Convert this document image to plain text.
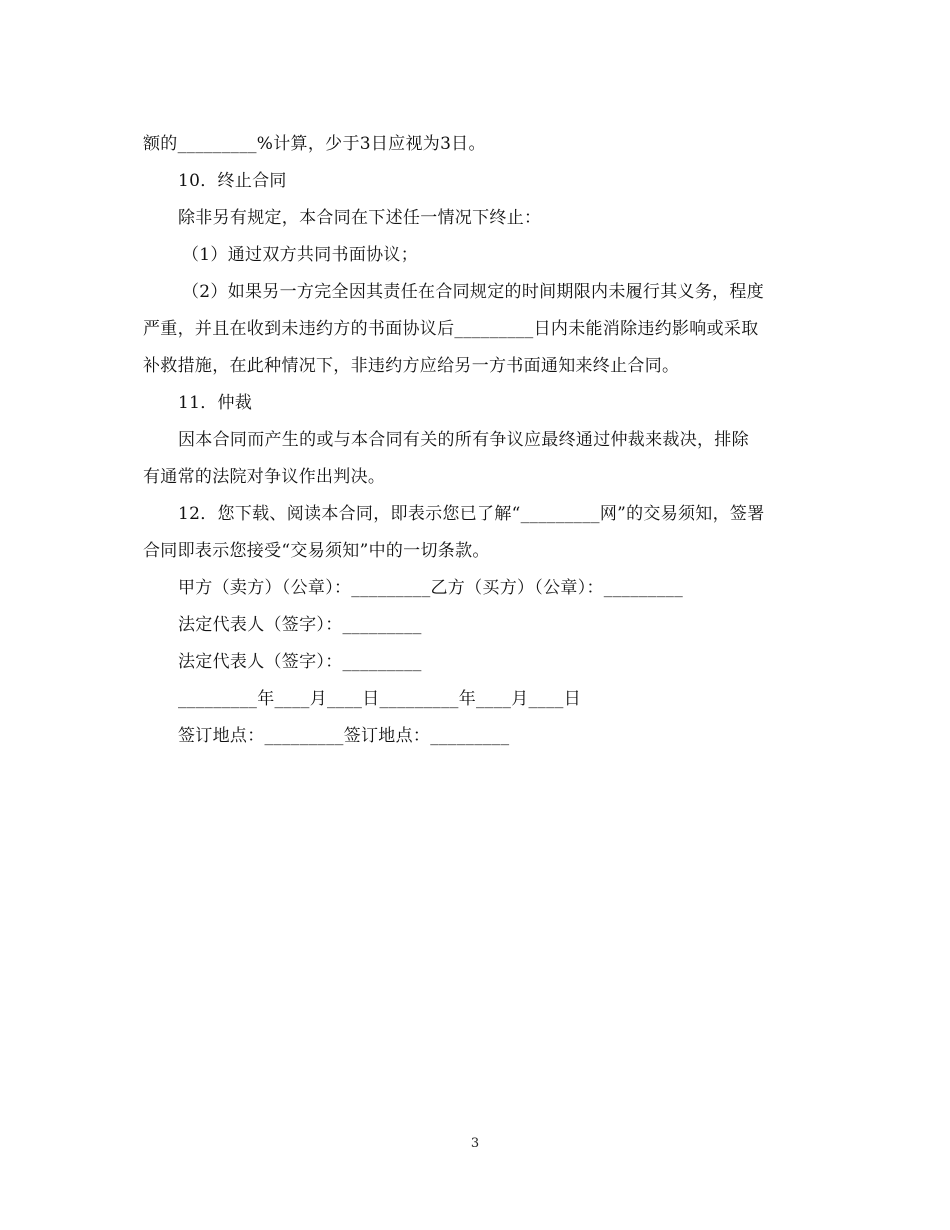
额的_________%计算，少于3日应视为3日。
10．终止合同
除非另有规定，本合同在下述任一情况下终止：
（1）通过双方共同书面协议；
（2）如果另一方完全因其责任在合同规定的时间期限内未履行其义务，程度
严重，并且在收到未违约方的书面协议后_________日内未能消除违约影响或采取
补救措施，在此种情况下，非违约方应给另一方书面通知来终止合同。
11．仲裁
因本合同而产生的或与本合同有关的所有争议应最终通过仲裁来裁决，排除
有通常的法院对争议作出判决。
12．您下载、阅读本合同，即表示您已了解“_________网”的交易须知，签署
合同即表示您接受“交易须知”中的一切条款。
甲方（卖方）（公章）：_________乙方（买方）（公章）：_________
法定代表人（签字）：_________
法定代表人（签字）：_________
_________年____月____日_________年____月____日
签订地点：_________签订地点：_________
3
